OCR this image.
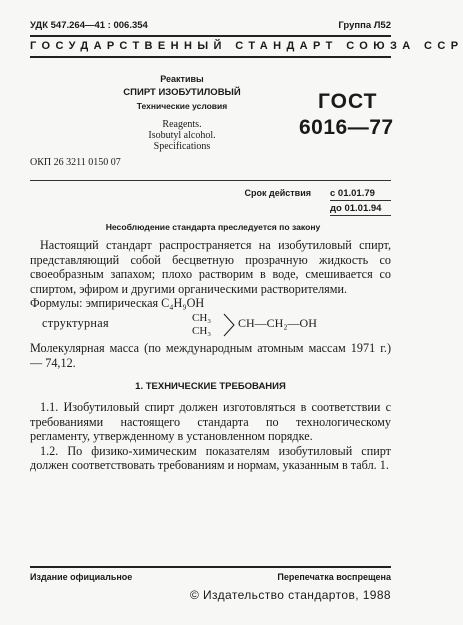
УДК 547.264—41 : 006.354	Группа Л52
ГОСУДАРСТВЕННЫЙ СТАНДАРТ СОЮЗА ССР
Реактивы
СПИРТ ИЗОБУТИЛОВЫЙ
Технические условия
Reagents.
Isobutyl alcohol.
Specifications
ГОСТ
6016—77
ОКП 26 3211 0150 07
Срок действия с 01.01.79
до 01.01.94
Несоблюдение стандарта преследуется по закону

Настоящий стандарт распространяется на изобутиловый спирт, представляющий собой бесцветную прозрачную жидкость со своеобразным запахом; плохо растворим в воде, смешивается со спиртом, эфиром и другими органическими растворителями.

Формулы: эмпирическая C₄H₉OH
структурная	CH₃
CH₃
CH—CH₂—OH

Молекулярная масса (по международным атомным массам 1971 г.) — 74,12.

1. ТЕХНИЧЕСКИЕ ТРЕБОВАНИЯ

1.1. Изобутиловый спирт должен изготовляться в соответствии с требованиями настоящего стандарта по технологическому регламенту, утвержденному в установленном порядке.

1.2. По физико-химическим показателям изобутиловый спирт должен соответствовать требованиям и нормам, указанным в табл. 1.

Издание официальное	Перепечатка воспрещена
© Издательство стандартов, 1988
